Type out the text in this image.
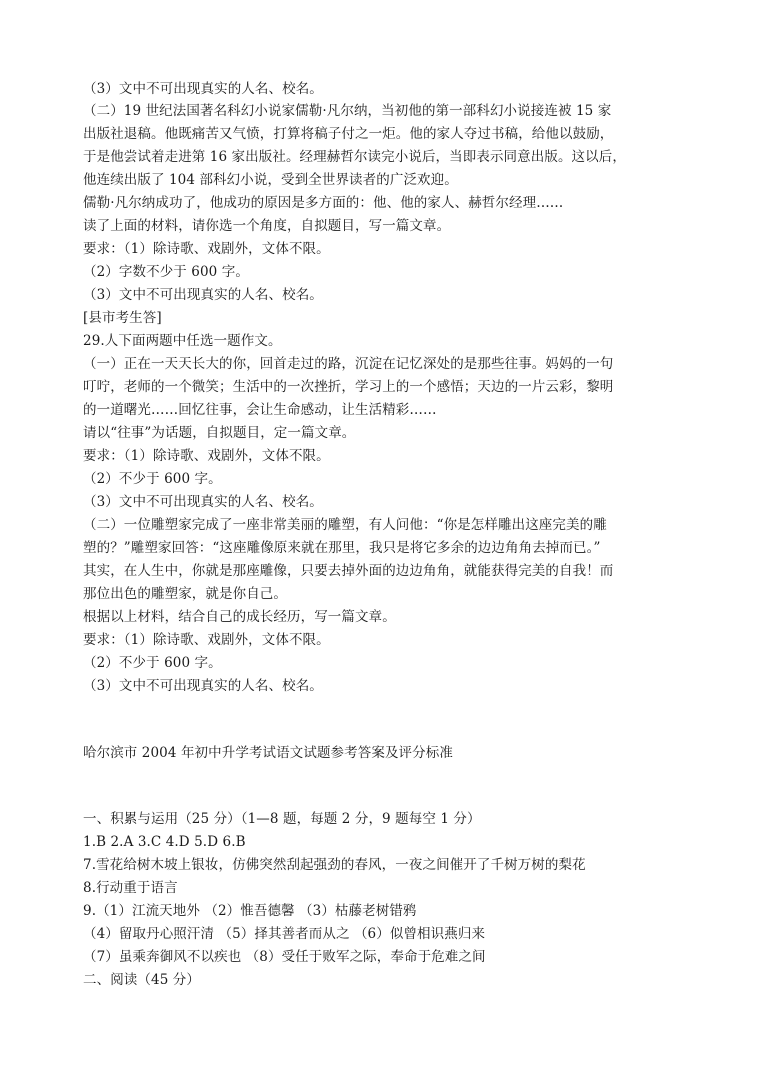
（3）文中不可出现真实的人名、校名。
（二）19 世纪法国著名科幻小说家儒勒·凡尔纳，当初他的第一部科幻小说接连被 15 家
出版社退稿。他既痛苦又气愤，打算将稿子付之一炬。他的家人夺过书稿，给他以鼓励，
于是他尝试着走进第 16 家出版社。经理赫哲尔读完小说后，当即表示同意出版。这以后，
他连续出版了 104 部科幻小说，受到全世界读者的广泛欢迎。
儒勒·凡尔纳成功了，他成功的原因是多方面的：他、他的家人、赫哲尔经理……
读了上面的材料，请你选一个角度，自拟题目，写一篇文章。
要求：（1）除诗歌、戏剧外，文体不限。
（2）字数不少于 600 字。
（3）文中不可出现真实的人名、校名。
[县市考生答]
29.人下面两题中任选一题作文。
（一）正在一天天长大的你，回首走过的路，沉淀在记忆深处的是那些往事。妈妈的一句
叮咛，老师的一个微笑；生活中的一次挫折，学习上的一个感悟；天边的一片云彩，黎明
的一道曙光……回忆往事，会让生命感动，让生活精彩……
请以“往事”为话题，自拟题目，定一篇文章。
要求：（1）除诗歌、戏剧外，文体不限。
（2）不少于 600 字。
（3）文中不可出现真实的人名、校名。
（二）一位雕塑家完成了一座非常美丽的雕塑，有人问他：“你是怎样雕出这座完美的雕
塑的？”雕塑家回答：“这座雕像原来就在那里，我只是将它多余的边边角角去掉而已。”
其实，在人生中，你就是那座雕像，只要去掉外面的边边角角，就能获得完美的自我！而
那位出色的雕塑家，就是你自己。
根据以上材料，结合自己的成长经历，写一篇文章。
要求：（1）除诗歌、戏剧外，文体不限。
（2）不少于 600 字。
（3）文中不可出现真实的人名、校名。
哈尔滨市 2004 年初中升学考试语文试题参考答案及评分标准
一、积累与运用（25 分）（1—8 题，每题 2 分，9 题每空 1 分）
1.B 2.A 3.C 4.D 5.D 6.B
7.雪花给树木坡上银妆，仿佛突然刮起强劲的春风，一夜之间催开了千树万树的梨花
8.行动重于语言
9.（1）江流天地外 （2）惟吾德馨 （3）枯藤老树错鸦
（4）留取丹心照汗清 （5）择其善者而从之 （6）似曾相识燕归来
（7）虽乘奔御风不以疾也 （8）受任于败军之际，奉命于危难之间
二、阅读（45 分）
